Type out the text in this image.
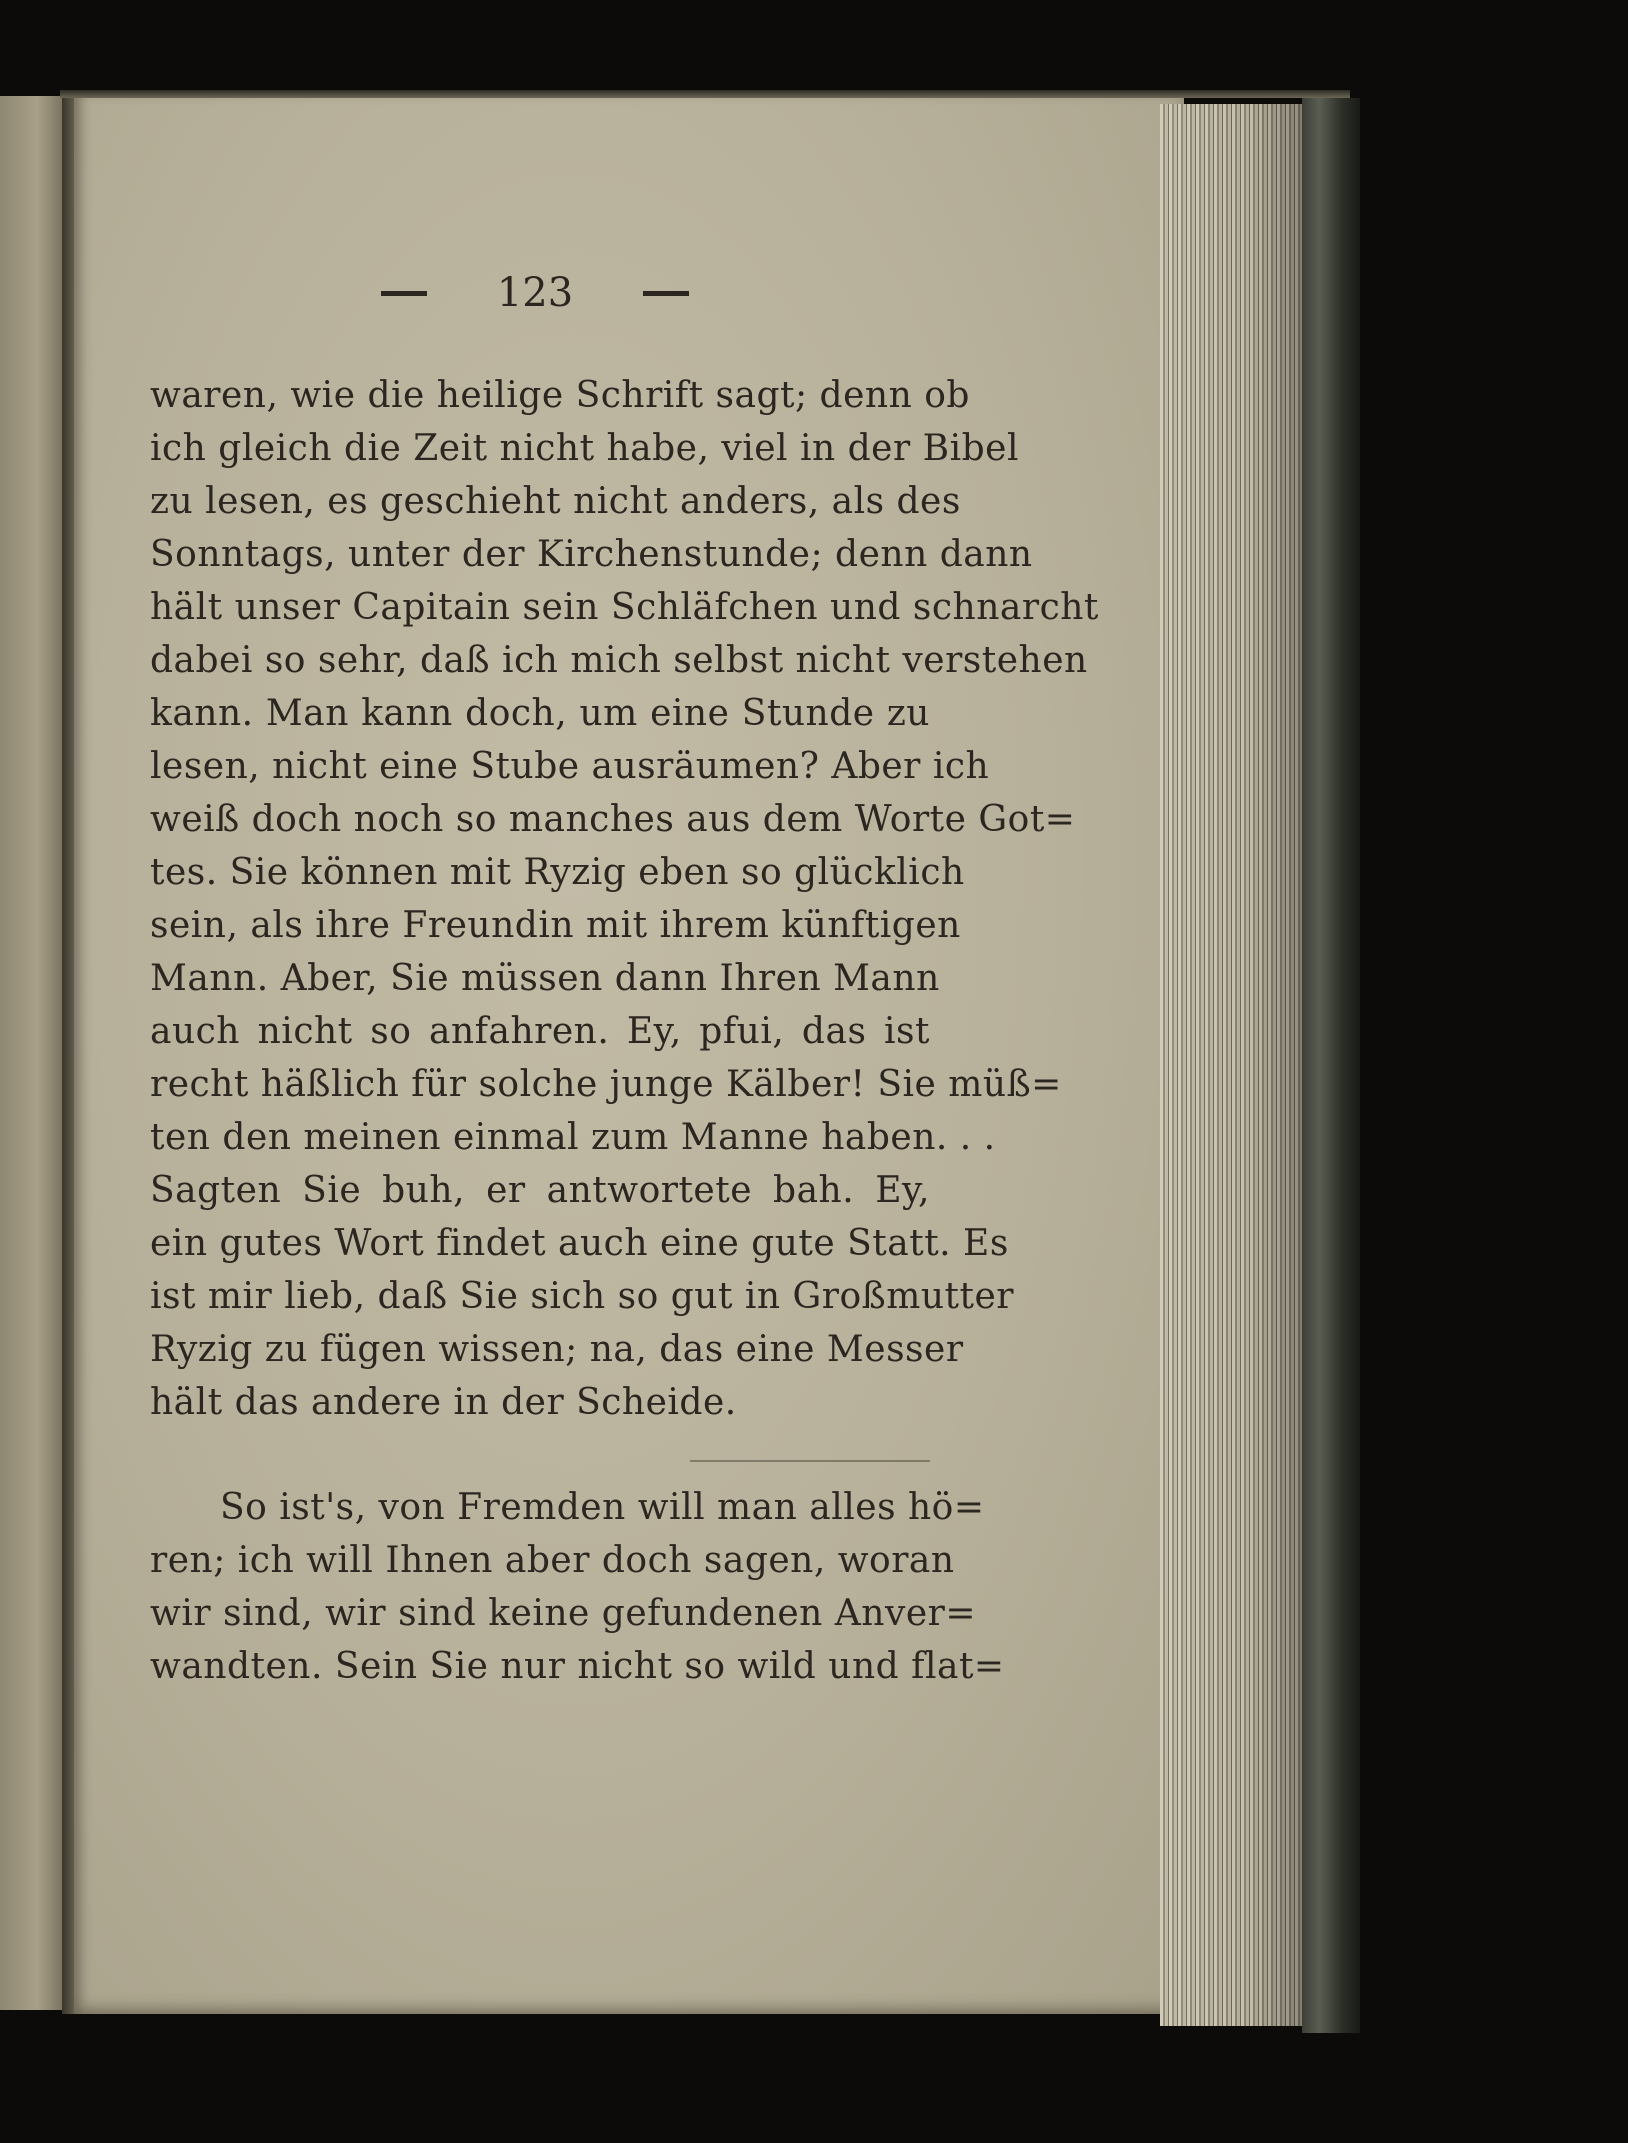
123
waren, wie die heilige Schrift sagt; denn ob
ich gleich die Zeit nicht habe, viel in der Bibel
zu lesen, es geschieht nicht anders, als des
Sonntags, unter der Kirchenstunde; denn dann
hält unser Capitain sein Schläfchen und schnarcht
dabei so sehr, daß ich mich selbst nicht verstehen
kann. Man kann doch, um eine Stunde zu
lesen, nicht eine Stube ausräumen? Aber ich
weiß doch noch so manches aus dem Worte Got=
tes. Sie können mit Ryzig eben so glücklich
sein, als ihre Freundin mit ihrem künftigen
Mann. Aber, Sie müssen dann Ihren Mann
auch nicht so anfahren. Ey, pfui, das ist
recht häßlich für solche junge Kälber! Sie müß=
ten den meinen einmal zum Manne haben. . .
Sagten Sie buh, er antwortete bah. Ey,
ein gutes Wort findet auch eine gute Statt. Es
ist mir lieb, daß Sie sich so gut in Großmutter
Ryzig zu fügen wissen; na, das eine Messer
hält das andere in der Scheide.
So ist's, von Fremden will man alles hö=
ren; ich will Ihnen aber doch sagen, woran
wir sind, wir sind keine gefundenen Anver=
wandten. Sein Sie nur nicht so wild und flat=
